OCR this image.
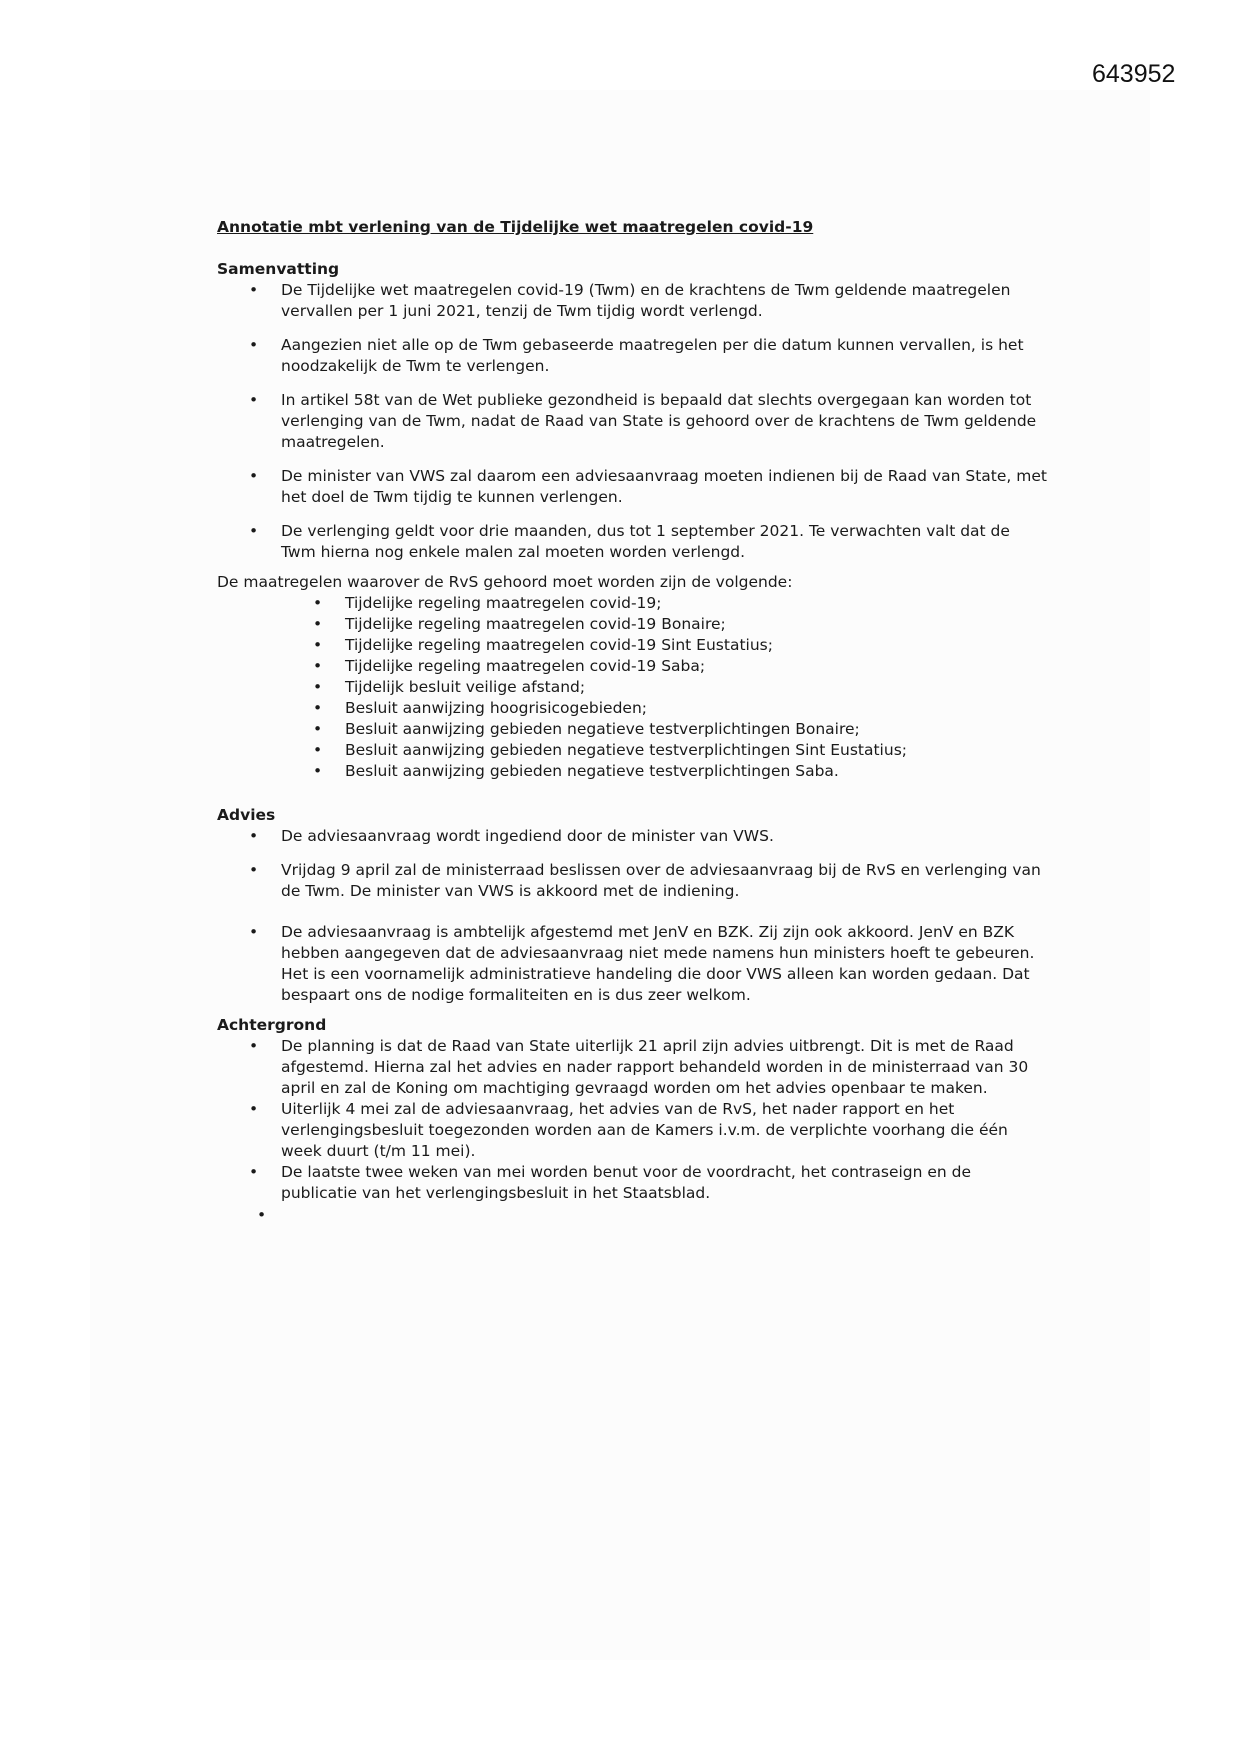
643952

Annotatie mbt verlening van de Tijdelijke wet maatregelen covid-19

Samenvatting

• De Tijdelijke wet maatregelen covid-19 (Twm) en de krachtens de Twm geldende maatregelen vervallen per 1 juni 2021, tenzij de Twm tijdig wordt verlengd.
• Aangezien niet alle op de Twm gebaseerde maatregelen per die datum kunnen vervallen, is het noodzakelijk de Twm te verlengen.
• In artikel 58t van de Wet publieke gezondheid is bepaald dat slechts overgegaan kan worden tot verlenging van de Twm, nadat de Raad van State is gehoord over de krachtens de Twm geldende maatregelen.
• De minister van VWS zal daarom een adviesaanvraag moeten indienen bij de Raad van State, met het doel de Twm tijdig te kunnen verlengen.
• De verlenging geldt voor drie maanden, dus tot 1 september 2021. Te verwachten valt dat de Twm hierna nog enkele malen zal moeten worden verlengd.
De maatregelen waarover de RvS gehoord moet worden zijn de volgende:
• Tijdelijke regeling maatregelen covid-19;
• Tijdelijke regeling maatregelen covid-19 Bonaire;
• Tijdelijke regeling maatregelen covid-19 Sint Eustatius;
• Tijdelijke regeling maatregelen covid-19 Saba;
• Tijdelijk besluit veilige afstand;
• Besluit aanwijzing hoogrisicogebieden;
• Besluit aanwijzing gebieden negatieve testverplichtingen Bonaire;
• Besluit aanwijzing gebieden negatieve testverplichtingen Sint Eustatius;
• Besluit aanwijzing gebieden negatieve testverplichtingen Saba.

Advies

• De adviesaanvraag wordt ingediend door de minister van VWS.
• Vrijdag 9 april zal de ministerraad beslissen over de adviesaanvraag bij de RvS en verlenging van de Twm. De minister van VWS is akkoord met de indiening.
• De adviesaanvraag is ambtelijk afgestemd met JenV en BZK. Zij zijn ook akkoord. JenV en BZK hebben aangegeven dat de adviesaanvraag niet mede namens hun ministers hoeft te gebeuren. Het is een voornamelijk administratieve handeling die door VWS alleen kan worden gedaan. Dat bespaart ons de nodige formaliteiten en is dus zeer welkom.

Achtergrond

• De planning is dat de Raad van State uiterlijk 21 april zijn advies uitbrengt. Dit is met de Raad afgestemd. Hierna zal het advies en nader rapport behandeld worden in de ministerraad van 30 april en zal de Koning om machtiging gevraagd worden om het advies openbaar te maken.
• Uiterlijk 4 mei zal de adviesaanvraag, het advies van de RvS, het nader rapport en het verlengingsbesluit toegezonden worden aan de Kamers i.v.m. de verplichte voorhang die één week duurt (t/m 11 mei).
• De laatste twee weken van mei worden benut voor de voordracht, het contraseign en de publicatie van het verlengingsbesluit in het Staatsblad.
•
